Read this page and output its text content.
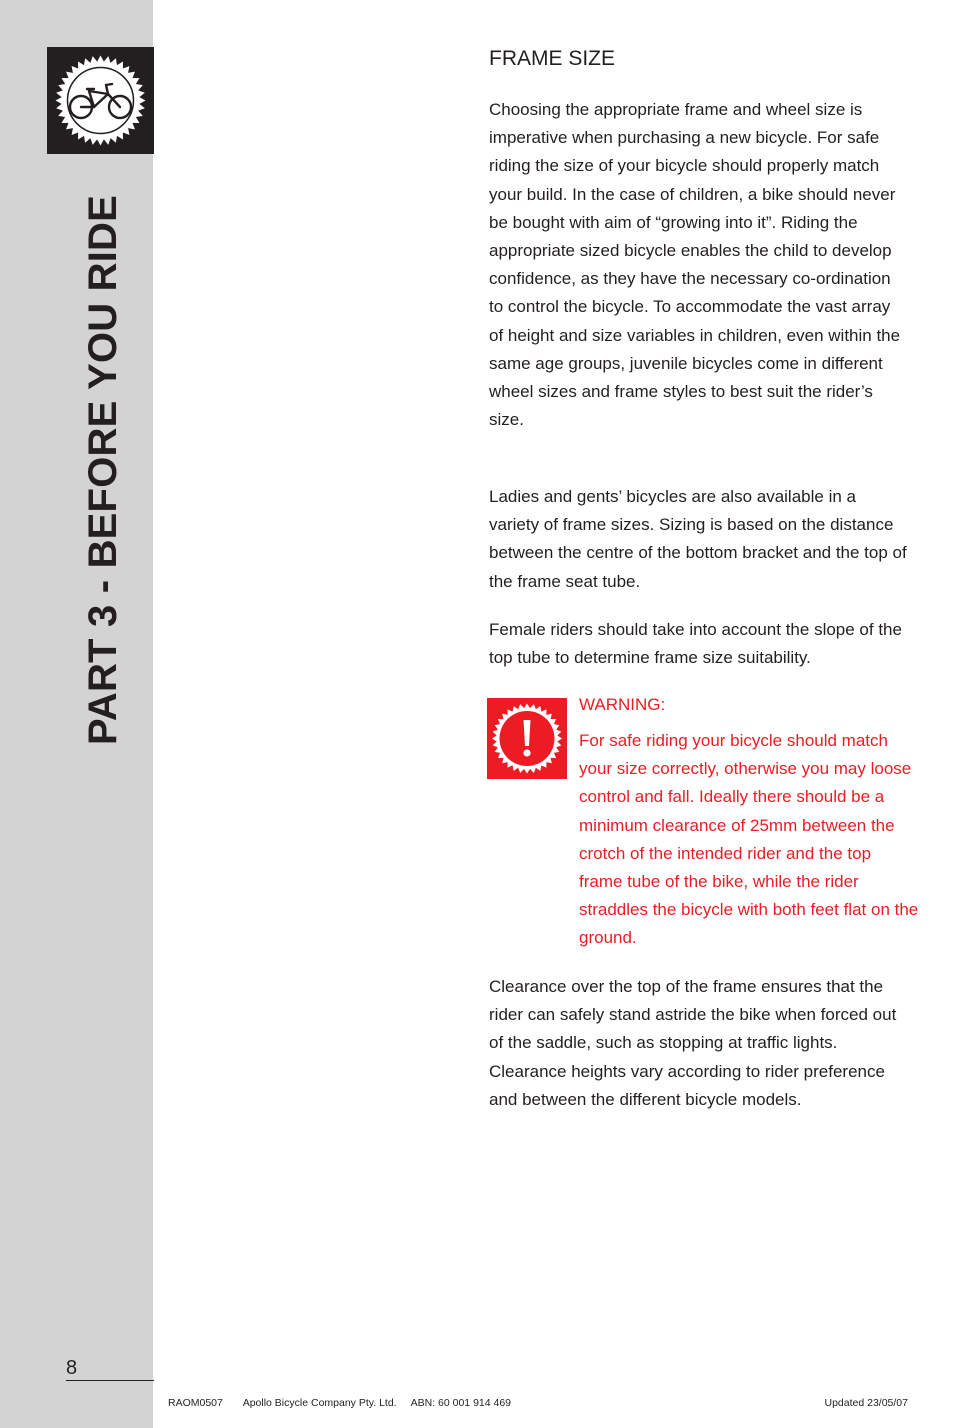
PART 3 - BEFORE YOU RIDE
8
FRAME SIZE

Choosing the appropriate frame and wheel size is imperative when purchasing a new bicycle. For safe riding the size of your bicycle should properly match your build. In the case of children, a bike should never be bought with aim of “growing into it”. Riding the appropriate sized bicycle enables the child to develop confidence, as they have the necessary co-ordination to control the bicycle. To accommodate the vast array of height and size variables in children, even within the same age groups, juvenile bicycles come in different wheel sizes and frame styles to best suit the rider’s size.

Ladies and gents’ bicycles are also available in a variety of frame sizes. Sizing is based on the distance between the centre of the bottom bracket and the top of the frame seat tube.

Female riders should take into account the slope of the top tube to determine frame size suitability.

WARNING:

For safe riding your bicycle should match your size correctly, otherwise you may loose control and fall. Ideally there should be a minimum clearance of 25mm between the crotch of the intended rider and the top frame tube of the bike, while the rider straddles the bicycle with both feet flat on the ground.

Clearance over the top of the frame ensures that the rider can safely stand astride the bike when forced out of the saddle, such as stopping at traffic lights. Clearance heights vary according to rider preference and between the different bicycle models.

RAOM0507 Apollo Bicycle Company Pty. Ltd. ABN: 60 001 914 469	Updated 23/05/07
